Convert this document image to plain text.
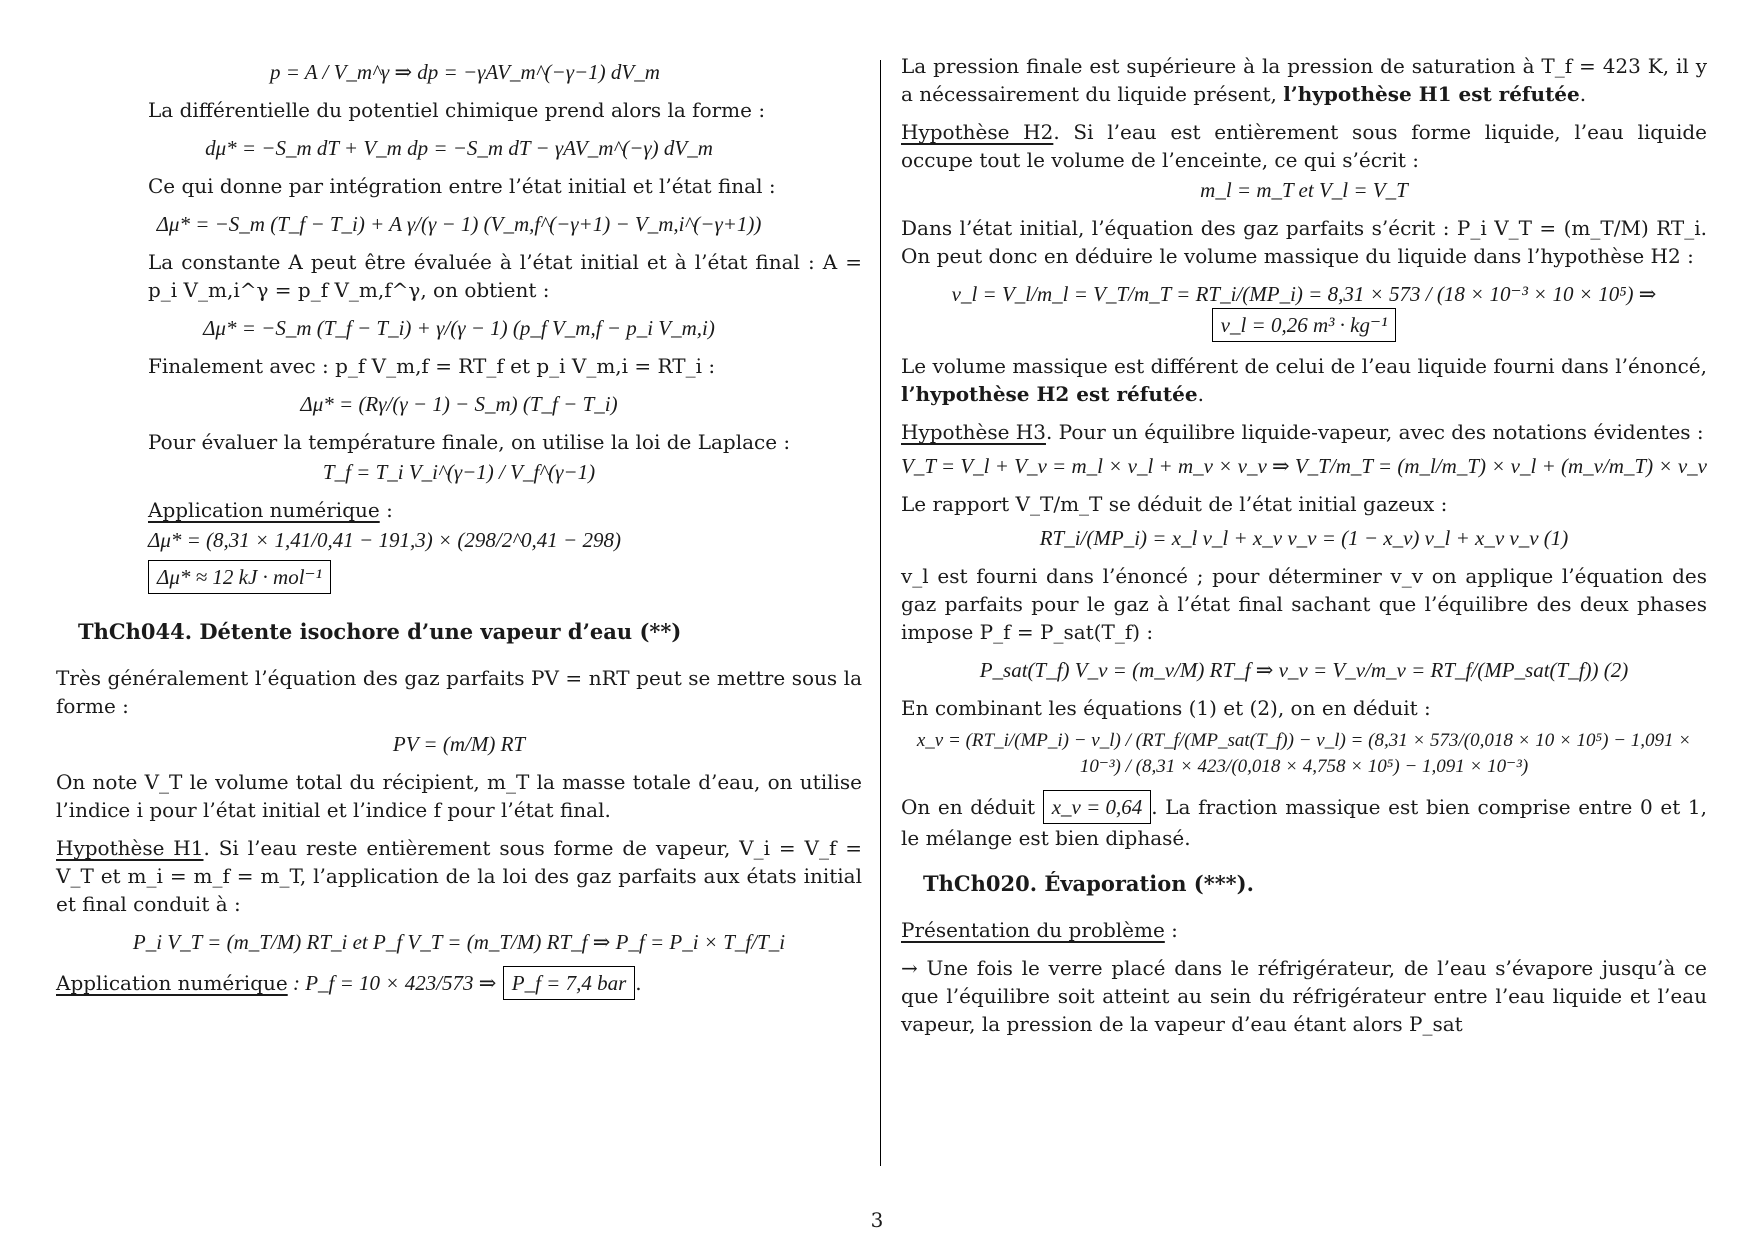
p = A / V_m^γ ⇒ dp = −γAV_m^(−γ−1) dV_m

La différentielle du potentiel chimique prend alors la forme :

dμ* = −S_m dT + V_m dp = −S_m dT − γAV_m^(−γ) dV_m

Ce qui donne par intégration entre l’état initial et l’état final :

Δμ* = −S_m (T_f − T_i) + A γ/(γ − 1) (V_m,f^(−γ+1) − V_m,i^(−γ+1))

La constante A peut être évaluée à l’état initial et à l’état final : A = p_i V_m,i^γ = p_f V_m,f^γ, on obtient :

Δμ* = −S_m (T_f − T_i) + γ/(γ − 1) (p_f V_m,f − p_i V_m,i)

Finalement avec : p_f V_m,f = RT_f et p_i V_m,i = RT_i :

Δμ* = (Rγ/(γ − 1) − S_m) (T_f − T_i)

Pour évaluer la température finale, on utilise la loi de Laplace :

T_f = T_i V_i^(γ−1) / V_f^(γ−1)

Application numérique :

Δμ* = (8,31 × 1,41/0,41 − 191,3) × (298/2^0,41 − 298)
Δμ* ≈ 12 kJ · mol⁻¹
ThCh044. Détente isochore d’une vapeur d’eau (**)

Très généralement l’équation des gaz parfaits PV = nRT peut se mettre sous la forme :

PV = (m/M) RT

On note V_T le volume total du récipient, m_T la masse totale d’eau, on utilise l’indice i pour l’état initial et l’indice f pour l’état final.

Hypothèse H1. Si l’eau reste entièrement sous forme de vapeur, V_i = V_f = V_T et m_i = m_f = m_T, l’application de la loi des gaz parfaits aux états initial et final conduit à :

P_i V_T = (m_T/M) RT_i et P_f V_T = (m_T/M) RT_f ⇒ P_f = P_i × T_f/T_i

Application numérique : P_f = 10 × 423/573 ⇒ P_f = 7,4 bar .

La pression finale est supérieure à la pression de saturation à T_f = 423 K, il y a nécessairement du liquide présent, l’hypothèse H1 est réfutée.

Hypothèse H2. Si l’eau est entièrement sous forme liquide, l’eau liquide occupe tout le volume de l’enceinte, ce qui s’écrit :

m_l = m_T et V_l = V_T

Dans l’état initial, l’équation des gaz parfaits s’écrit : P_i V_T = (m_T/M) RT_i. On peut donc en déduire le volume massique du liquide dans l’hypothèse H2 :

v_l = V_l/m_l = V_T/m_T = RT_i/(MP_i) = 8,31 × 573 / (18 × 10⁻³ × 10 × 10⁵) ⇒ v_l = 0,26 m³ · kg⁻¹

Le volume massique est différent de celui de l’eau liquide fourni dans l’énoncé, l’hypothèse H2 est réfutée.

Hypothèse H3. Pour un équilibre liquide-vapeur, avec des notations évidentes :

V_T = V_l + V_v = m_l × v_l + m_v × v_v ⇒ V_T/m_T = (m_l/m_T) × v_l + (m_v/m_T) × v_v

Le rapport V_T/m_T se déduit de l’état initial gazeux :

RT_i/(MP_i) = x_l v_l + x_v v_v = (1 − x_v) v_l + x_v v_v (1)

v_l est fourni dans l’énoncé ; pour déterminer v_v on applique l’équation des gaz parfaits pour le gaz à l’état final sachant que l’équilibre des deux phases impose P_f = P_sat(T_f) :

P_sat(T_f) V_v = (m_v/M) RT_f ⇒ v_v = V_v/m_v = RT_f/(MP_sat(T_f)) (2)

En combinant les équations (1) et (2), on en déduit :

x_v = (RT_i/(MP_i) − v_l) / (RT_f/(MP_sat(T_f)) − v_l) = (8,31 × 573/(0,018 × 10 × 10⁵) − 1,091 × 10⁻³) / (8,31 × 423/(0,018 × 4,758 × 10⁵) − 1,091 × 10⁻³)

On en déduit x_v = 0,64 . La fraction massique est bien comprise entre 0 et 1, le mélange est bien diphasé.

ThCh020. Évaporation (***).

Présentation du problème :

→ Une fois le verre placé dans le réfrigérateur, de l’eau s’évapore jusqu’à ce que l’équilibre soit atteint au sein du réfrigérateur entre l’eau liquide et l’eau vapeur, la pression de la vapeur d’eau étant alors P_sat

3
